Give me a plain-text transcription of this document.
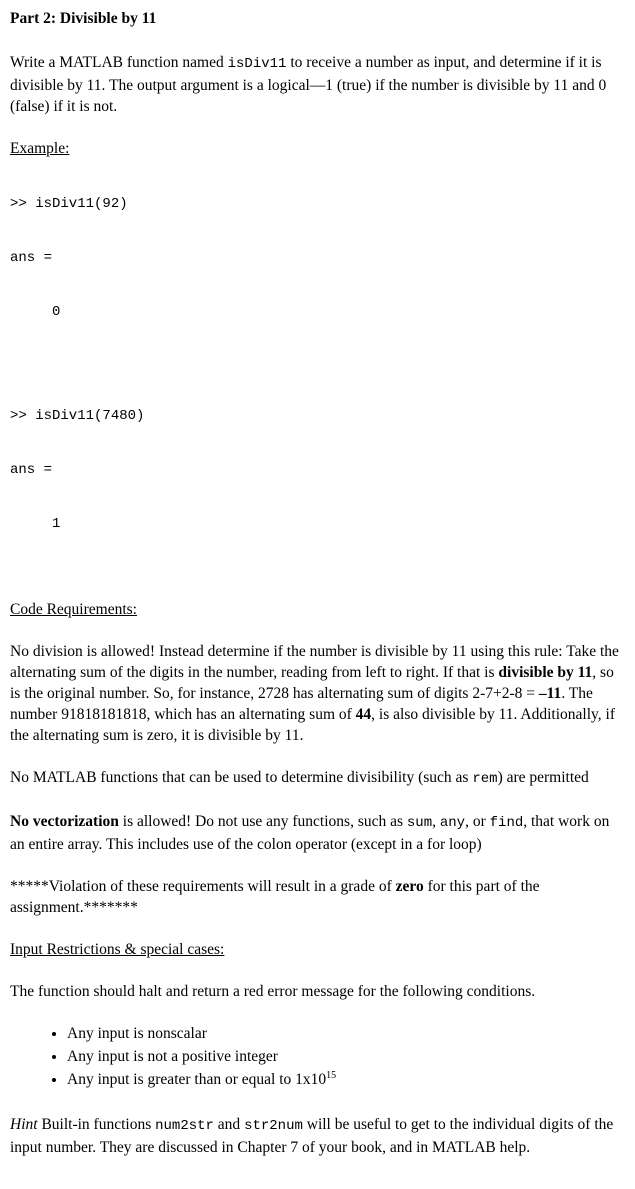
Part 2: Divisible by 11

Write a MATLAB function named isDiv11 to receive a number as input, and determine if it is divisible by 11. The output argument is a logical—1 (true) if the number is divisible by 11 and 0 (false) if it is not.

Example:

>> isDiv11(92)

ans =

0

>> isDiv11(7480)

ans =

1

Code Requirements:

No division is allowed! Instead determine if the number is divisible by 11 using this rule: Take the alternating sum of the digits in the number, reading from left to right. If that is divisible by 11, so is the original number. So, for instance, 2728 has alternating sum of digits 2-7+2-8 = –11. The number 91818181818, which has an alternating sum of 44, is also divisible by 11. Additionally, if the alternating sum is zero, it is divisible by 11.

No MATLAB functions that can be used to determine divisibility (such as rem) are permitted

No vectorization is allowed! Do not use any functions, such as sum, any, or find, that work on an entire array. This includes use of the colon operator (except in a for loop)

*****Violation of these requirements will result in a grade of zero for this part of the assignment.*******

Input Restrictions & special cases:

The function should halt and return a red error message for the following conditions.

• Any input is nonscalar
• Any input is not a positive integer
• Any input is greater than or equal to $1x10^{15}$

Hint Built-in functions num2str and str2num will be useful to get to the individual digits of the input number. They are discussed in Chapter 7 of your book, and in MATLAB help.
